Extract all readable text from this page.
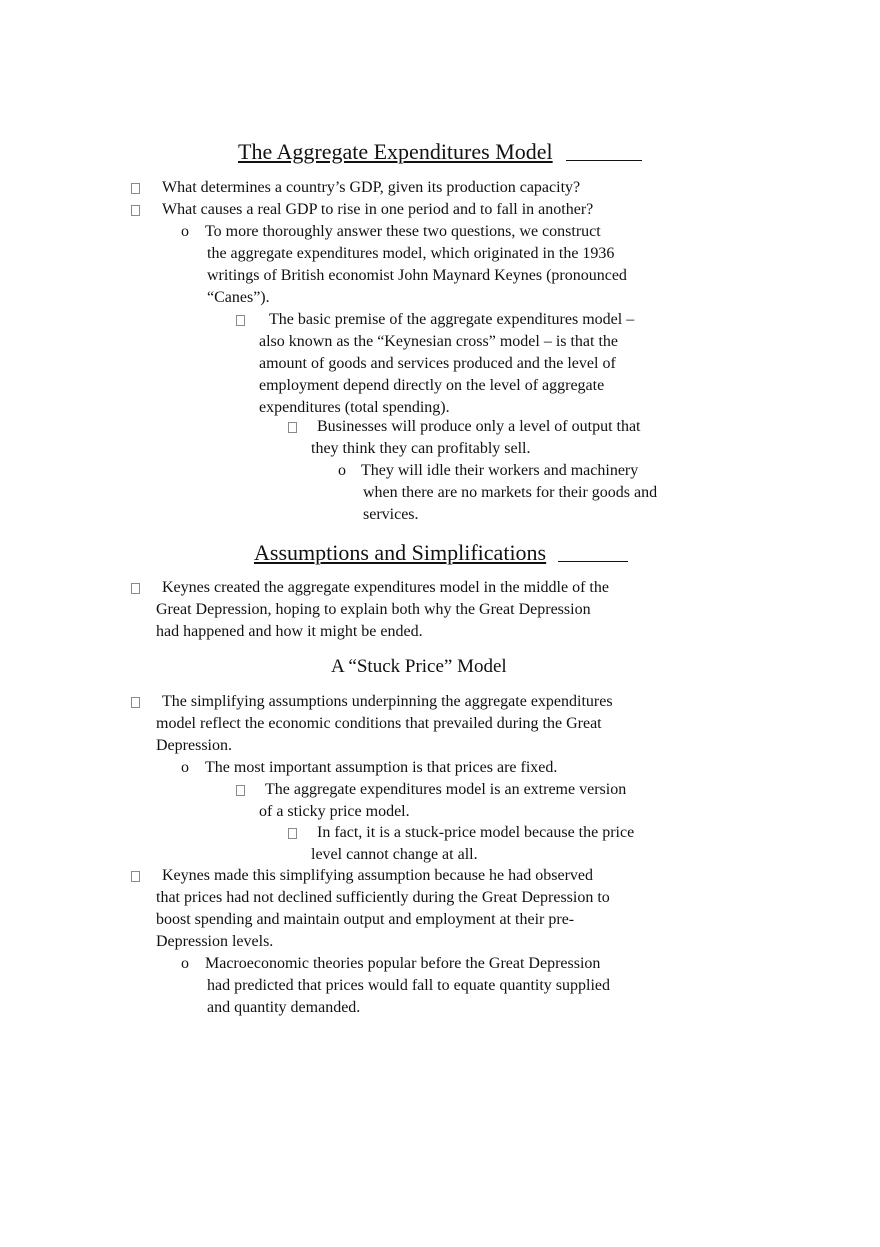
The Aggregate Expenditures Model
What determines a country’s GDP, given its production capacity?
What causes a real GDP to rise in one period and to fall in another?
o To more thoroughly answer these two questions, we construct
the aggregate expenditures model, which originated in the 1936
writings of British economist John Maynard Keynes (pronounced
“Canes”).
The basic premise of the aggregate expenditures model –
also known as the “Keynesian cross” model – is that the
amount of goods and services produced and the level of
employment depend directly on the level of aggregate
expenditures (total spending).
Businesses will produce only a level of output that
they think they can profitably sell.
o They will idle their workers and machinery
when there are no markets for their goods and
services.
Assumptions and Simplifications
Keynes created the aggregate expenditures model in the middle of the
Great Depression, hoping to explain both why the Great Depression
had happened and how it might be ended.
A “Stuck Price” Model
The simplifying assumptions underpinning the aggregate expenditures
model reflect the economic conditions that prevailed during the Great
Depression.
o The most important assumption is that prices are fixed.
The aggregate expenditures model is an extreme version
of a sticky price model.
In fact, it is a stuck-price model because the price
level cannot change at all.
Keynes made this simplifying assumption because he had observed
that prices had not declined sufficiently during the Great Depression to
boost spending and maintain output and employment at their pre-
Depression levels.
o Macroeconomic theories popular before the Great Depression
had predicted that prices would fall to equate quantity supplied
and quantity demanded.
